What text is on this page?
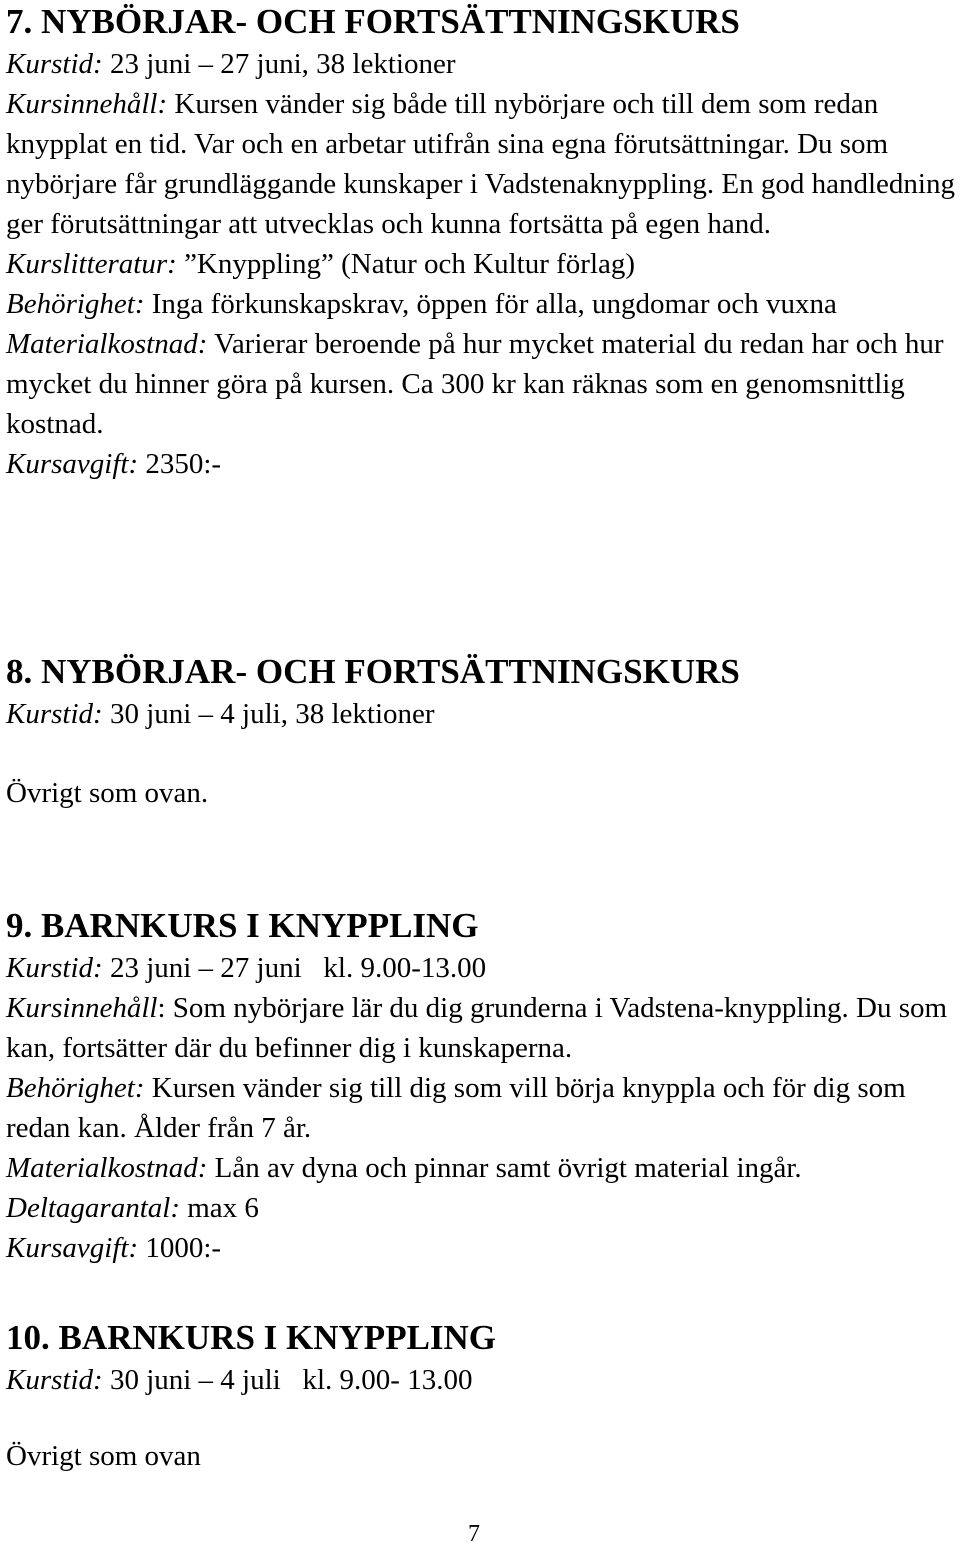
7. NYBÖRJAR- OCH FORTSÄTTNINGSKURS

Kurstid: 23 juni – 27 juni, 38 lektioner

Kursinnehåll: Kursen vänder sig både till nybörjare och till dem som redan knypplat en tid. Var och en arbetar utifrån sina egna förutsättningar. Du som nybörjare får grundläggande kunskaper i Vadstenaknyppling. En god handledning ger förutsättningar att utvecklas och kunna fortsätta på egen hand.

Kurslitteratur: ”Knyppling” (Natur och Kultur förlag)

Behörighet: Inga förkunskapskrav, öppen för alla, ungdomar och vuxna

Materialkostnad: Varierar beroende på hur mycket material du redan har och hur mycket du hinner göra på kursen. Ca 300 kr kan räknas som en genomsnittlig kostnad.

Kursavgift: 2350:-

8. NYBÖRJAR- OCH FORTSÄTTNINGSKURS

Kurstid: 30 juni – 4 juli, 38 lektioner

Övrigt som ovan.

9. BARNKURS I KNYPPLING

Kurstid: 23 juni – 27 juni   kl. 9.00-13.00

Kursinnehåll: Som nybörjare lär du dig grunderna i Vadstena-knyppling. Du som kan, fortsätter där du befinner dig i kunskaperna.

Behörighet: Kursen vänder sig till dig som vill börja knyppla och för dig som redan kan. Ålder från 7 år.

Materialkostnad: Lån av dyna och pinnar samt övrigt material ingår.

Deltagarantal: max 6

Kursavgift: 1000:-

10. BARNKURS I KNYPPLING

Kurstid: 30 juni – 4 juli   kl. 9.00- 13.00

Övrigt som ovan

7
